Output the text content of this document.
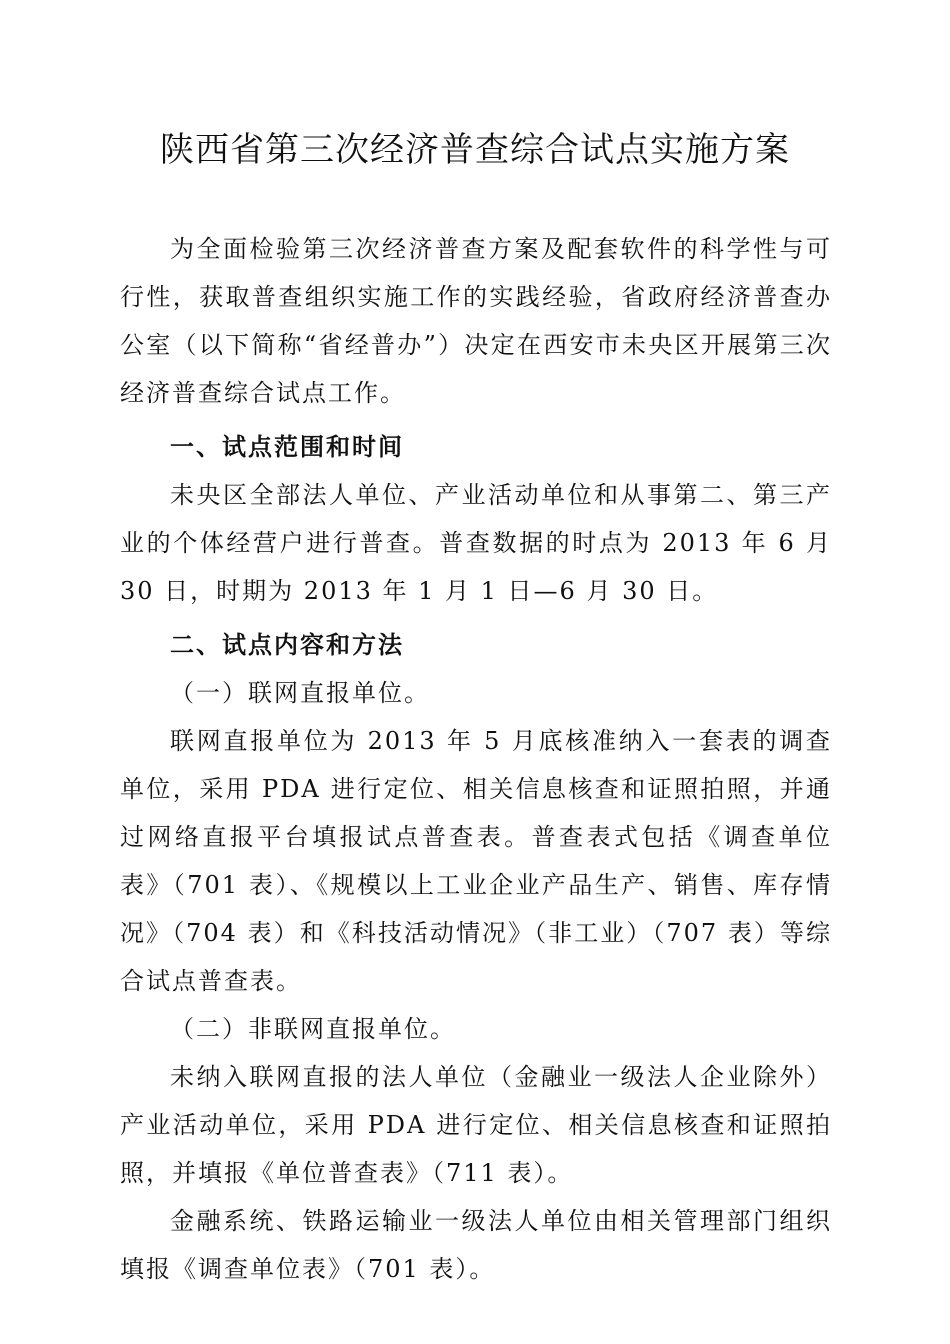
陕西省第三次经济普查综合试点实施方案

为全面检验第三次经济普查方案及配套软件的科学性与可行性，获取普查组织实施工作的实践经验，省政府经济普查办公室（以下简称“省经普办”）决定在西安市未央区开展第三次经济普查综合试点工作。

一、试点范围和时间

未央区全部法人单位、产业活动单位和从事第二、第三产业的个体经营户进行普查。普查数据的时点为 2013 年 6 月 30 日，时期为 2013 年 1 月 1 日—6 月 30 日。

二、试点内容和方法

（一）联网直报单位。

联网直报单位为 2013 年 5 月底核准纳入一套表的调查单位，采用 PDA 进行定位、相关信息核查和证照拍照，并通过网络直报平台填报试点普查表。普查表式包括《调查单位表》（701 表）、《规模以上工业企业产品生产、销售、库存情况》（704 表）和《科技活动情况》（非工业）（707 表）等综合试点普查表。

（二）非联网直报单位。

未纳入联网直报的法人单位（金融业一级法人企业除外）产业活动单位，采用 PDA 进行定位、相关信息核查和证照拍照，并填报《单位普查表》（711 表）。

金融系统、铁路运输业一级法人单位由相关管理部门组织填报《调查单位表》（701 表）。
